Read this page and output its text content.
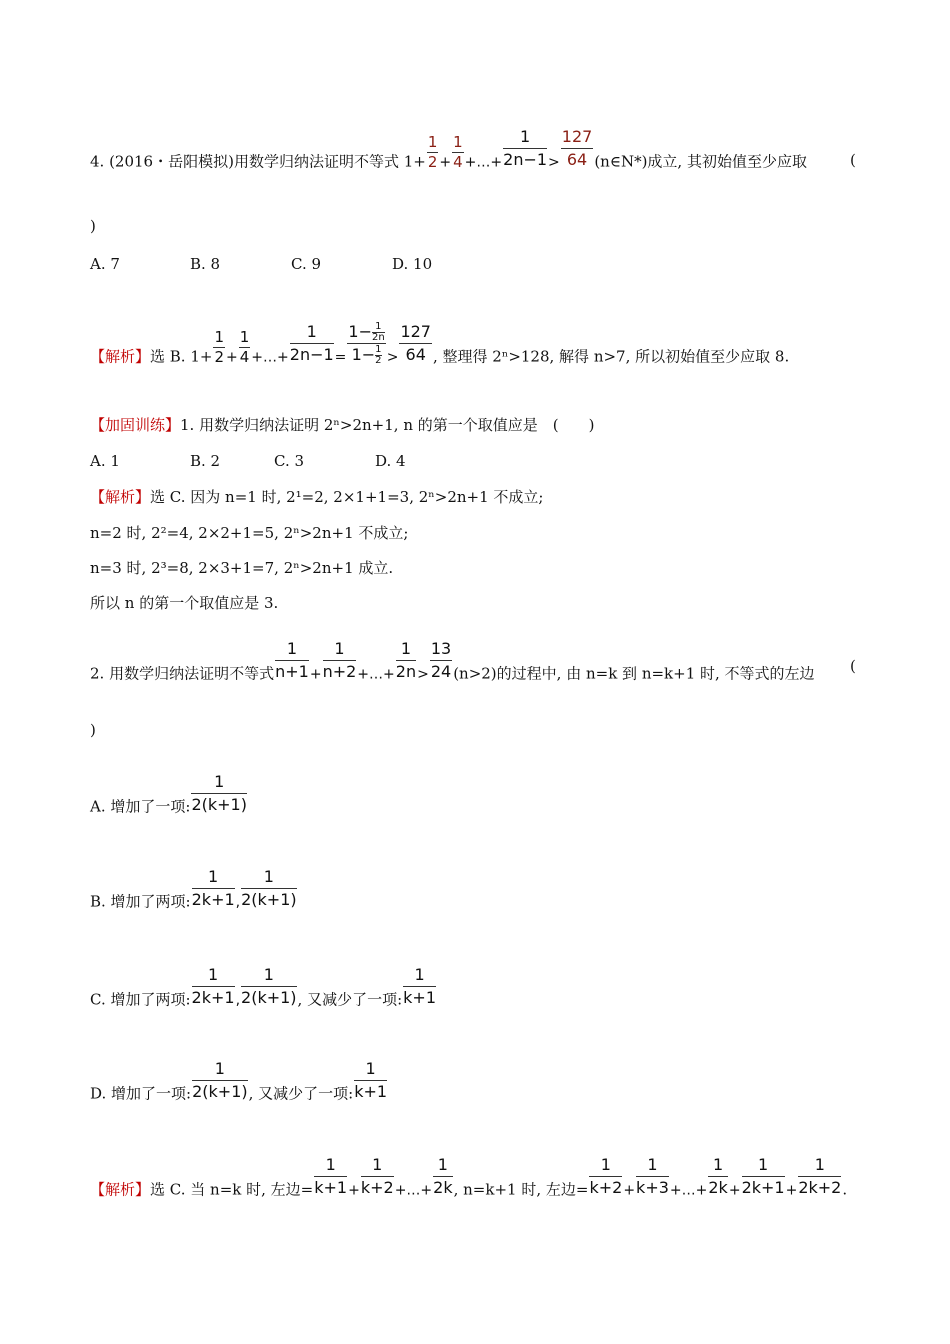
4. (2016・岳阳模拟)用数学归纳法证明不等式 $1+ \frac{1}{2} + \frac{1}{4}$ +…+ $\frac{1}{2n-1} > \frac{127}{64}$ (n∈N*)成立, 其初始值至少应取	(
)
A. 7	B. 8	C. 9	D. 10
【解析】选 B. $1+ \frac{1}{2} + \frac{1}{4}$ +…+ $\frac{1}{2n-1} = \frac{1- \frac{1}{2n}}{1- \frac{1}{2}} > \frac{127}{64}$ , 整理得 2ⁿ>128, 解得 n>7, 所以初始值至少应取 8.
【加固训练】1. 用数学归纳法证明 2ⁿ>2n+1, n 的第一个取值应是　(　　)
A. 1	B. 2	C. 3	D. 4
【解析】选 C. 因为 n=1 时, 2¹=2, 2×1+1=3, 2ⁿ>2n+1 不成立;
n=2 时, 2²=4, 2×2+1=5, 2ⁿ>2n+1 不成立;
n=3 时, 2³=8, 2×3+1=7, 2ⁿ>2n+1 成立.
所以 n 的第一个取值应是 3.
2. 用数学归纳法证明不等式 $\frac{1}{n+1} + \frac{1}{n+2}$ +…+ $\frac{1}{2n} > \frac{13}{24} (n>2)$的过程中, 由 n=k 到 n=k+1 时, 不等式的左边 (
)
A. 增加了一项: $\frac{1}{2(k+1)}$
B. 增加了两项: $\frac{1}{2k+1}$ , $\frac{1}{2(k+1)}$
C. 增加了两项: $\frac{1}{2k+1}$ , $\frac{1}{2(k+1)}$ , 又减少了一项: $\frac{1}{k+1}$
D. 增加了一项: $\frac{1}{2(k+1)}$ , 又减少了一项: $\frac{1}{k+1}$
【解析】选 C. 当 n=k 时, 左边= $\frac{1}{k+1} + \frac{1}{k+2}$ +…+ $\frac{1}{2k}$ , n=k+1 时, 左边= $\frac{1}{k+2} + \frac{1}{k+3}$ +…+ $\frac{1}{2k} + \frac{1}{2k+1} + \frac{1}{2k+2}$ .
